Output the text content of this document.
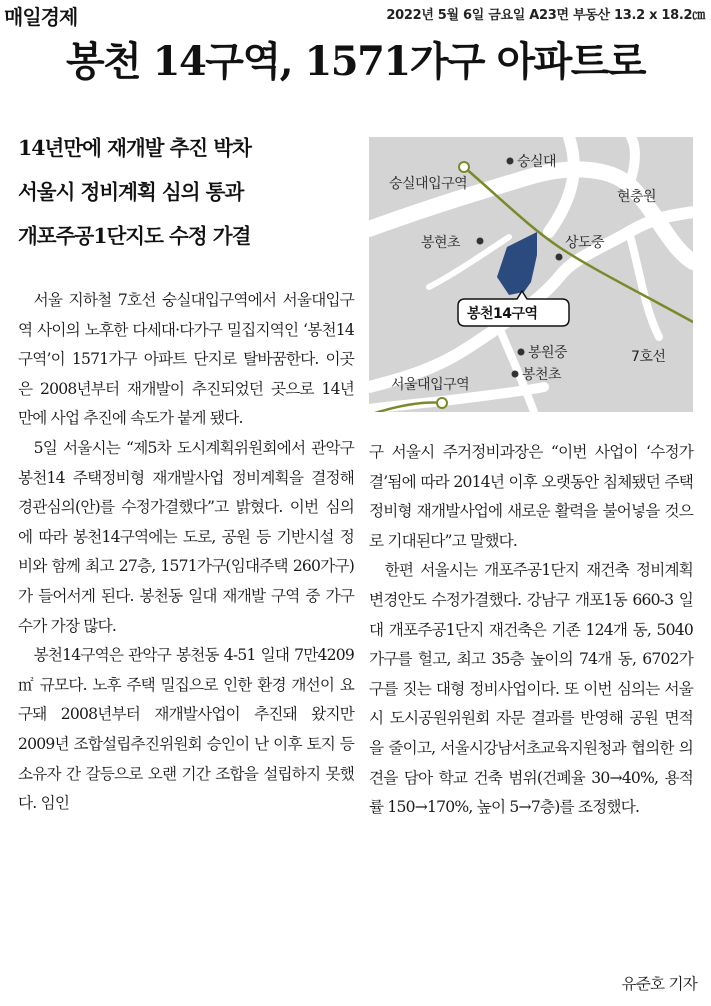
매일경제	2022년 5월 6일 금요일 A23면 부동산 13.2 x 18.2㎝
봉천 14구역, 1571가구 아파트로
14년만에 재개발 추진 박차
서울시 정비계획 심의 통과
개포주공1단지도 수정 가결

서울 지하철 7호선 숭실대입구역에서 서울대입구역 사이의 노후한 다세대·다가구 밀집지역인 ‘봉천14구역’이 1571가구 아파트 단지로 탈바꿈한다. 이곳은 2008년부터 재개발이 추진되었던 곳으로 14년 만에 사업 추진에 속도가 붙게 됐다.

5일 서울시는 “제5차 도시계획위원회에서 관악구 봉천14 주택정비형 재개발사업 정비계획을 결정해 경관심의(안)를 수정가결했다”고 밝혔다. 이번 심의에 따라 봉천14구역에는 도로, 공원 등 기반시설 정비와 함께 최고 27층, 1571가구(임대주택 260가구)가 들어서게 된다. 봉천동 일대 재개발 구역 중 가구 수가 가장 많다.

봉천14구역은 관악구 봉천동 4-51 일대 7만4209㎡ 규모다. 노후 주택 밀집으로 인한 환경 개선이 요구돼 2008년부터 재개발사업이 추진돼 왔지만 2009년 조합설립추진위원회 승인이 난 이후 토지 등 소유자 간 갈등으로 오랜 기간 조합을 설립하지 못했다. 임인

숭실대
숭실대입구역
현충원
봉현초	상도중
봉원중	7호선
봉천초
서울대입구역
봉천14구역

구 서울시 주거정비과장은 “이번 사업이 ‘수정가결’됨에 따라 2014년 이후 오랫동안 침체됐던 주택정비형 재개발사업에 새로운 활력을 불어넣을 것으로 기대된다”고 말했다.

한편 서울시는 개포주공1단지 재건축 정비계획 변경안도 수정가결했다. 강남구 개포1동 660-3 일대 개포주공1단지 재건축은 기존 124개 동, 5040가구를 헐고, 최고 35층 높이의 74개 동, 6702가구를 짓는 대형 정비사업이다. 또 이번 심의는 서울시 도시공원위원회 자문 결과를 반영해 공원 면적을 줄이고, 서울시강남서초교육지원청과 협의한 의견을 담아 학교 건축 범위(건폐율 30→40%, 용적률 150→170%, 높이 5→7층)를 조정했다.

유준호 기자
